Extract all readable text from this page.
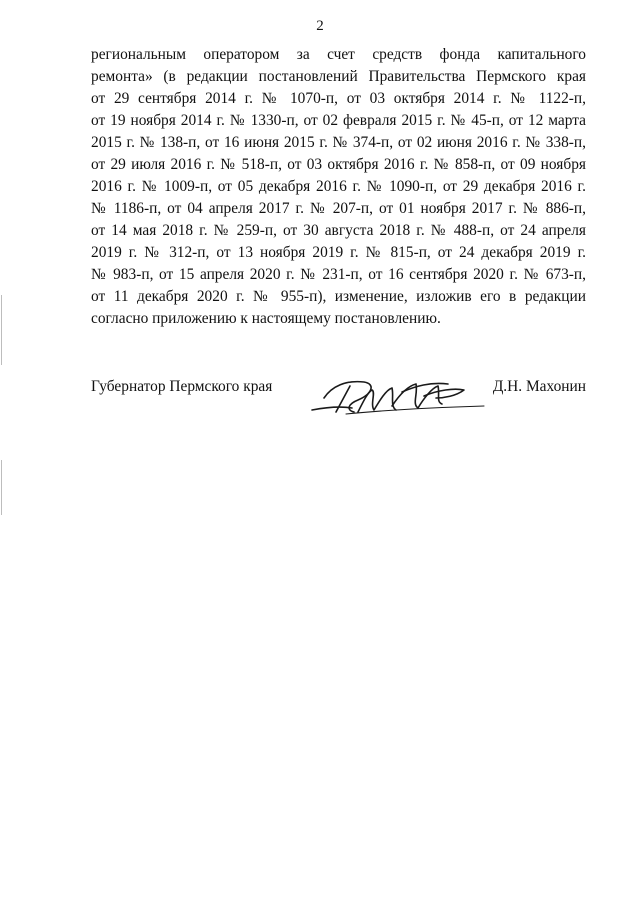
2
региональным оператором за счет средств фонда капитального
ремонта» (в редакции постановлений Правительства Пермского края
от 29 сентября 2014 г. № 1070-п, от 03 октября 2014 г. № 1122-п,
от 19 ноября 2014 г. № 1330-п, от 02 февраля 2015 г. № 45-п, от 12 марта
2015 г. № 138-п, от 16 июня 2015 г. № 374-п, от 02 июня 2016 г. № 338-п,
от 29 июля 2016 г. № 518-п, от 03 октября 2016 г. № 858-п, от 09 ноября
2016 г. № 1009-п, от 05 декабря 2016 г. № 1090-п, от 29 декабря 2016 г.
№ 1186-п, от 04 апреля 2017 г. № 207-п, от 01 ноября 2017 г. № 886-п,
от 14 мая 2018 г. № 259-п, от 30 августа 2018 г. № 488-п, от 24 апреля
2019 г. № 312-п, от 13 ноября 2019 г. № 815-п, от 24 декабря 2019 г.
№ 983-п, от 15 апреля 2020 г. № 231-п, от 16 сентября 2020 г. № 673-п,
от 11 декабря 2020 г. № 955-п), изменение, изложив его в редакции
согласно приложению к настоящему постановлению.
Губернатор Пермского края	Д.Н. Махонин
